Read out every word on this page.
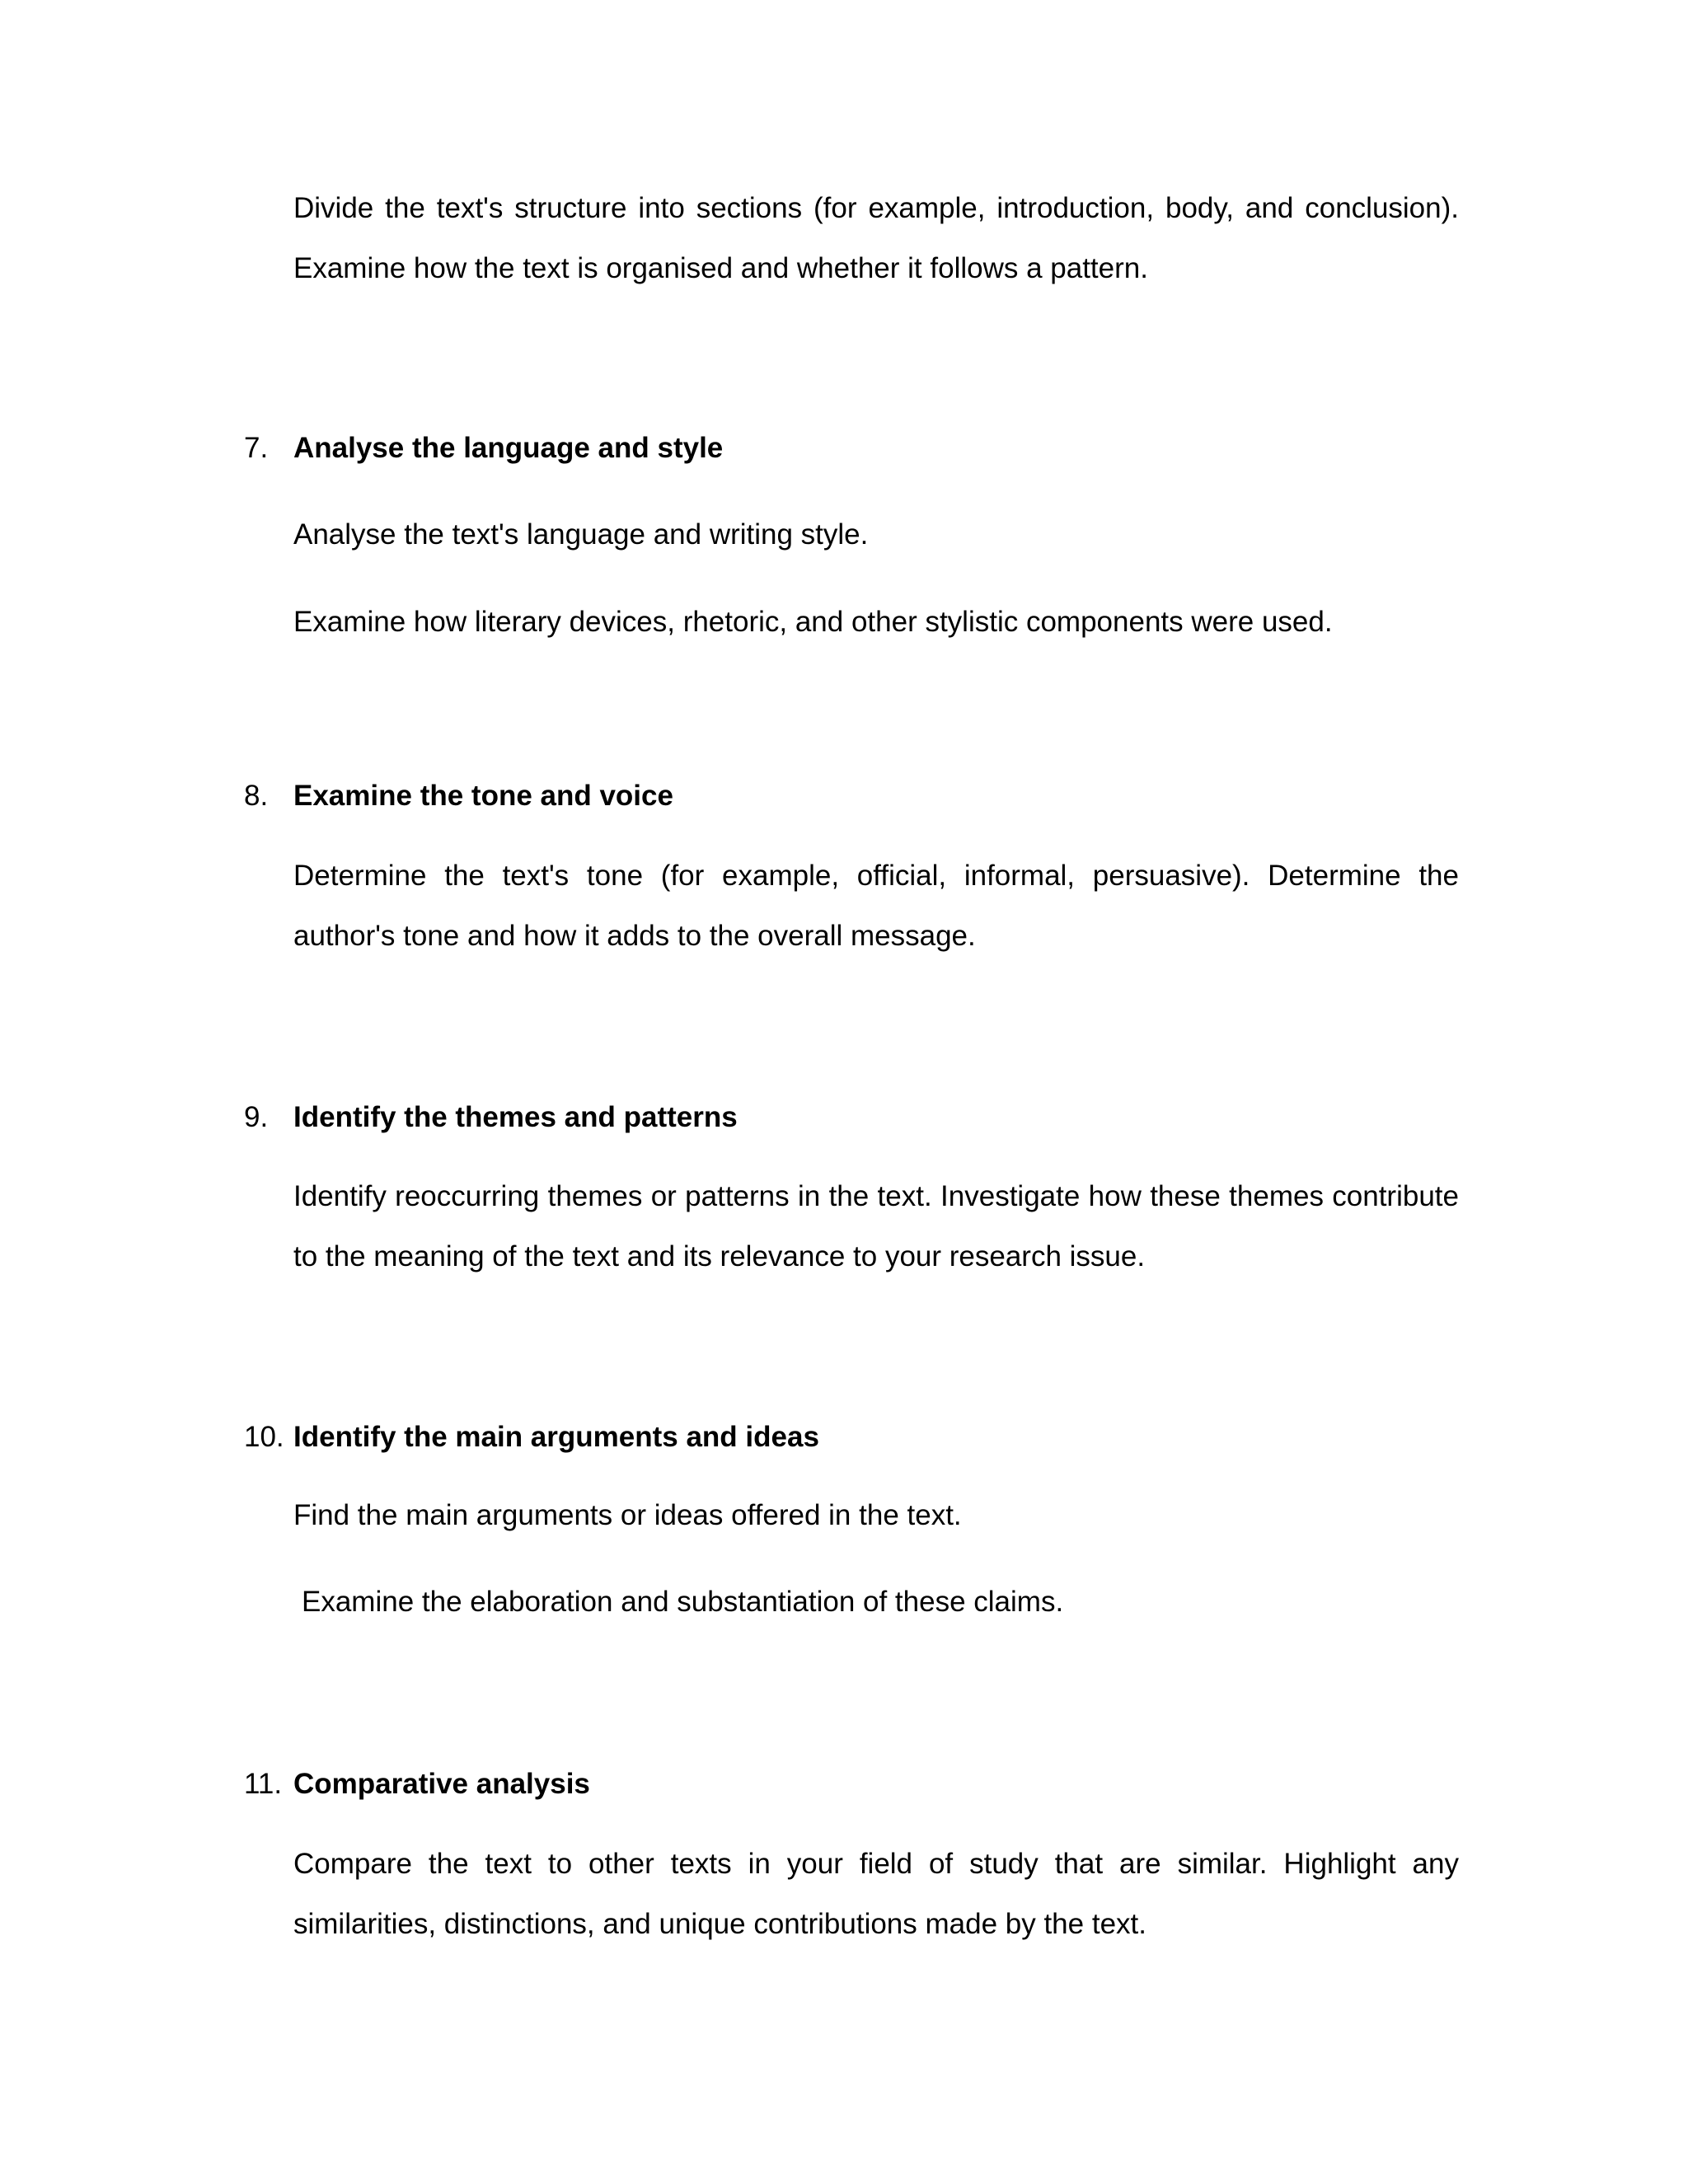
Divide the text's structure into sections (for example, introduction, body, and conclusion). Examine how the text is organised and whether it follows a pattern.

7. Analyse the language and style

Analyse the text's language and writing style.

Examine how literary devices, rhetoric, and other stylistic components were used.

8. Examine the tone and voice

Determine the text's tone (for example, official, informal, persuasive). Determine the author's tone and how it adds to the overall message.

9. Identify the themes and patterns

Identify reoccurring themes or patterns in the text. Investigate how these themes contribute to the meaning of the text and its relevance to your research issue.

10. Identify the main arguments and ideas

Find the main arguments or ideas offered in the text.

Examine the elaboration and substantiation of these claims.

11. Comparative analysis

Compare the text to other texts in your field of study that are similar. Highlight any similarities, distinctions, and unique contributions made by the text.
